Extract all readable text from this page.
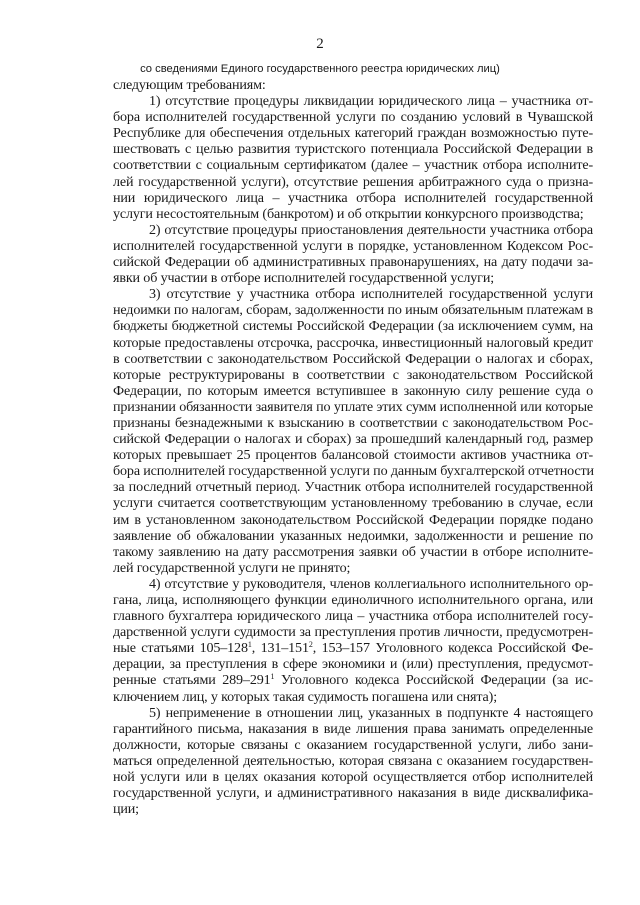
2
со сведениями Единого государственного реестра юридических лиц)
следующим требованиям:
1) отсутствие процедуры ликвидации юридического лица – участника от-
бора исполнителей государственной услуги по созданию условий в Чувашской
Республике для обеспечения отдельных категорий граждан возможностью путе-
шествовать с целью развития туристского потенциала Российской Федерации в
соответствии с социальным сертификатом (далее – участник отбора исполните-
лей государственной услуги), отсутствие решения арбитражного суда о призна-
нии юридического лица – участника отбора исполнителей государственной
услуги несостоятельным (банкротом) и об открытии конкурсного производства;
2) отсутствие процедуры приостановления деятельности участника отбора
исполнителей государственной услуги в порядке, установленном Кодексом Рос-
сийской Федерации об административных правонарушениях, на дату подачи за-
явки об участии в отборе исполнителей государственной услуги;
3) отсутствие у участника отбора исполнителей государственной услуги
недоимки по налогам, сборам, задолженности по иным обязательным платежам в
бюджеты бюджетной системы Российской Федерации (за исключением сумм, на
которые предоставлены отсрочка, рассрочка, инвестиционный налоговый кредит
в соответствии с законодательством Российской Федерации о налогах и сборах,
которые реструктурированы в соответствии с законодательством Российской
Федерации, по которым имеется вступившее в законную силу решение суда о
признании обязанности заявителя по уплате этих сумм исполненной или которые
признаны безнадежными к взысканию в соответствии с законодательством Рос-
сийской Федерации о налогах и сборах) за прошедший календарный год, размер
которых превышает 25 процентов балансовой стоимости активов участника от-
бора исполнителей государственной услуги по данным бухгалтерской отчетности
за последний отчетный период. Участник отбора исполнителей государственной
услуги считается соответствующим установленному требованию в случае, если
им в установленном законодательством Российской Федерации порядке подано
заявление об обжаловании указанных недоимки, задолженности и решение по
такому заявлению на дату рассмотрения заявки об участии в отборе исполните-
лей государственной услуги не принято;
4) отсутствие у руководителя, членов коллегиального исполнительного ор-
гана, лица, исполняющего функции единоличного исполнительного органа, или
главного бухгалтера юридического лица – участника отбора исполнителей госу-
дарственной услуги судимости за преступления против личности, предусмотрен-
ные статьями $105-128^1$, $131-151^2$, 153–157 Уголовного кодекса Российской Фе-
дерации, за преступления в сфере экономики и (или) преступления, предусмот-
ренные статьями $289-291^1$ Уголовного кодекса Российской Федерации (за ис-
ключением лиц, у которых такая судимость погашена или снята);
5) неприменение в отношении лиц, указанных в подпункте 4 настоящего
гарантийного письма, наказания в виде лишения права занимать определенные
должности, которые связаны с оказанием государственной услуги, либо зани-
маться определенной деятельностью, которая связана с оказанием государствен-
ной услуги или в целях оказания которой осуществляется отбор исполнителей
государственной услуги, и административного наказания в виде дисквалифика-
ции;
